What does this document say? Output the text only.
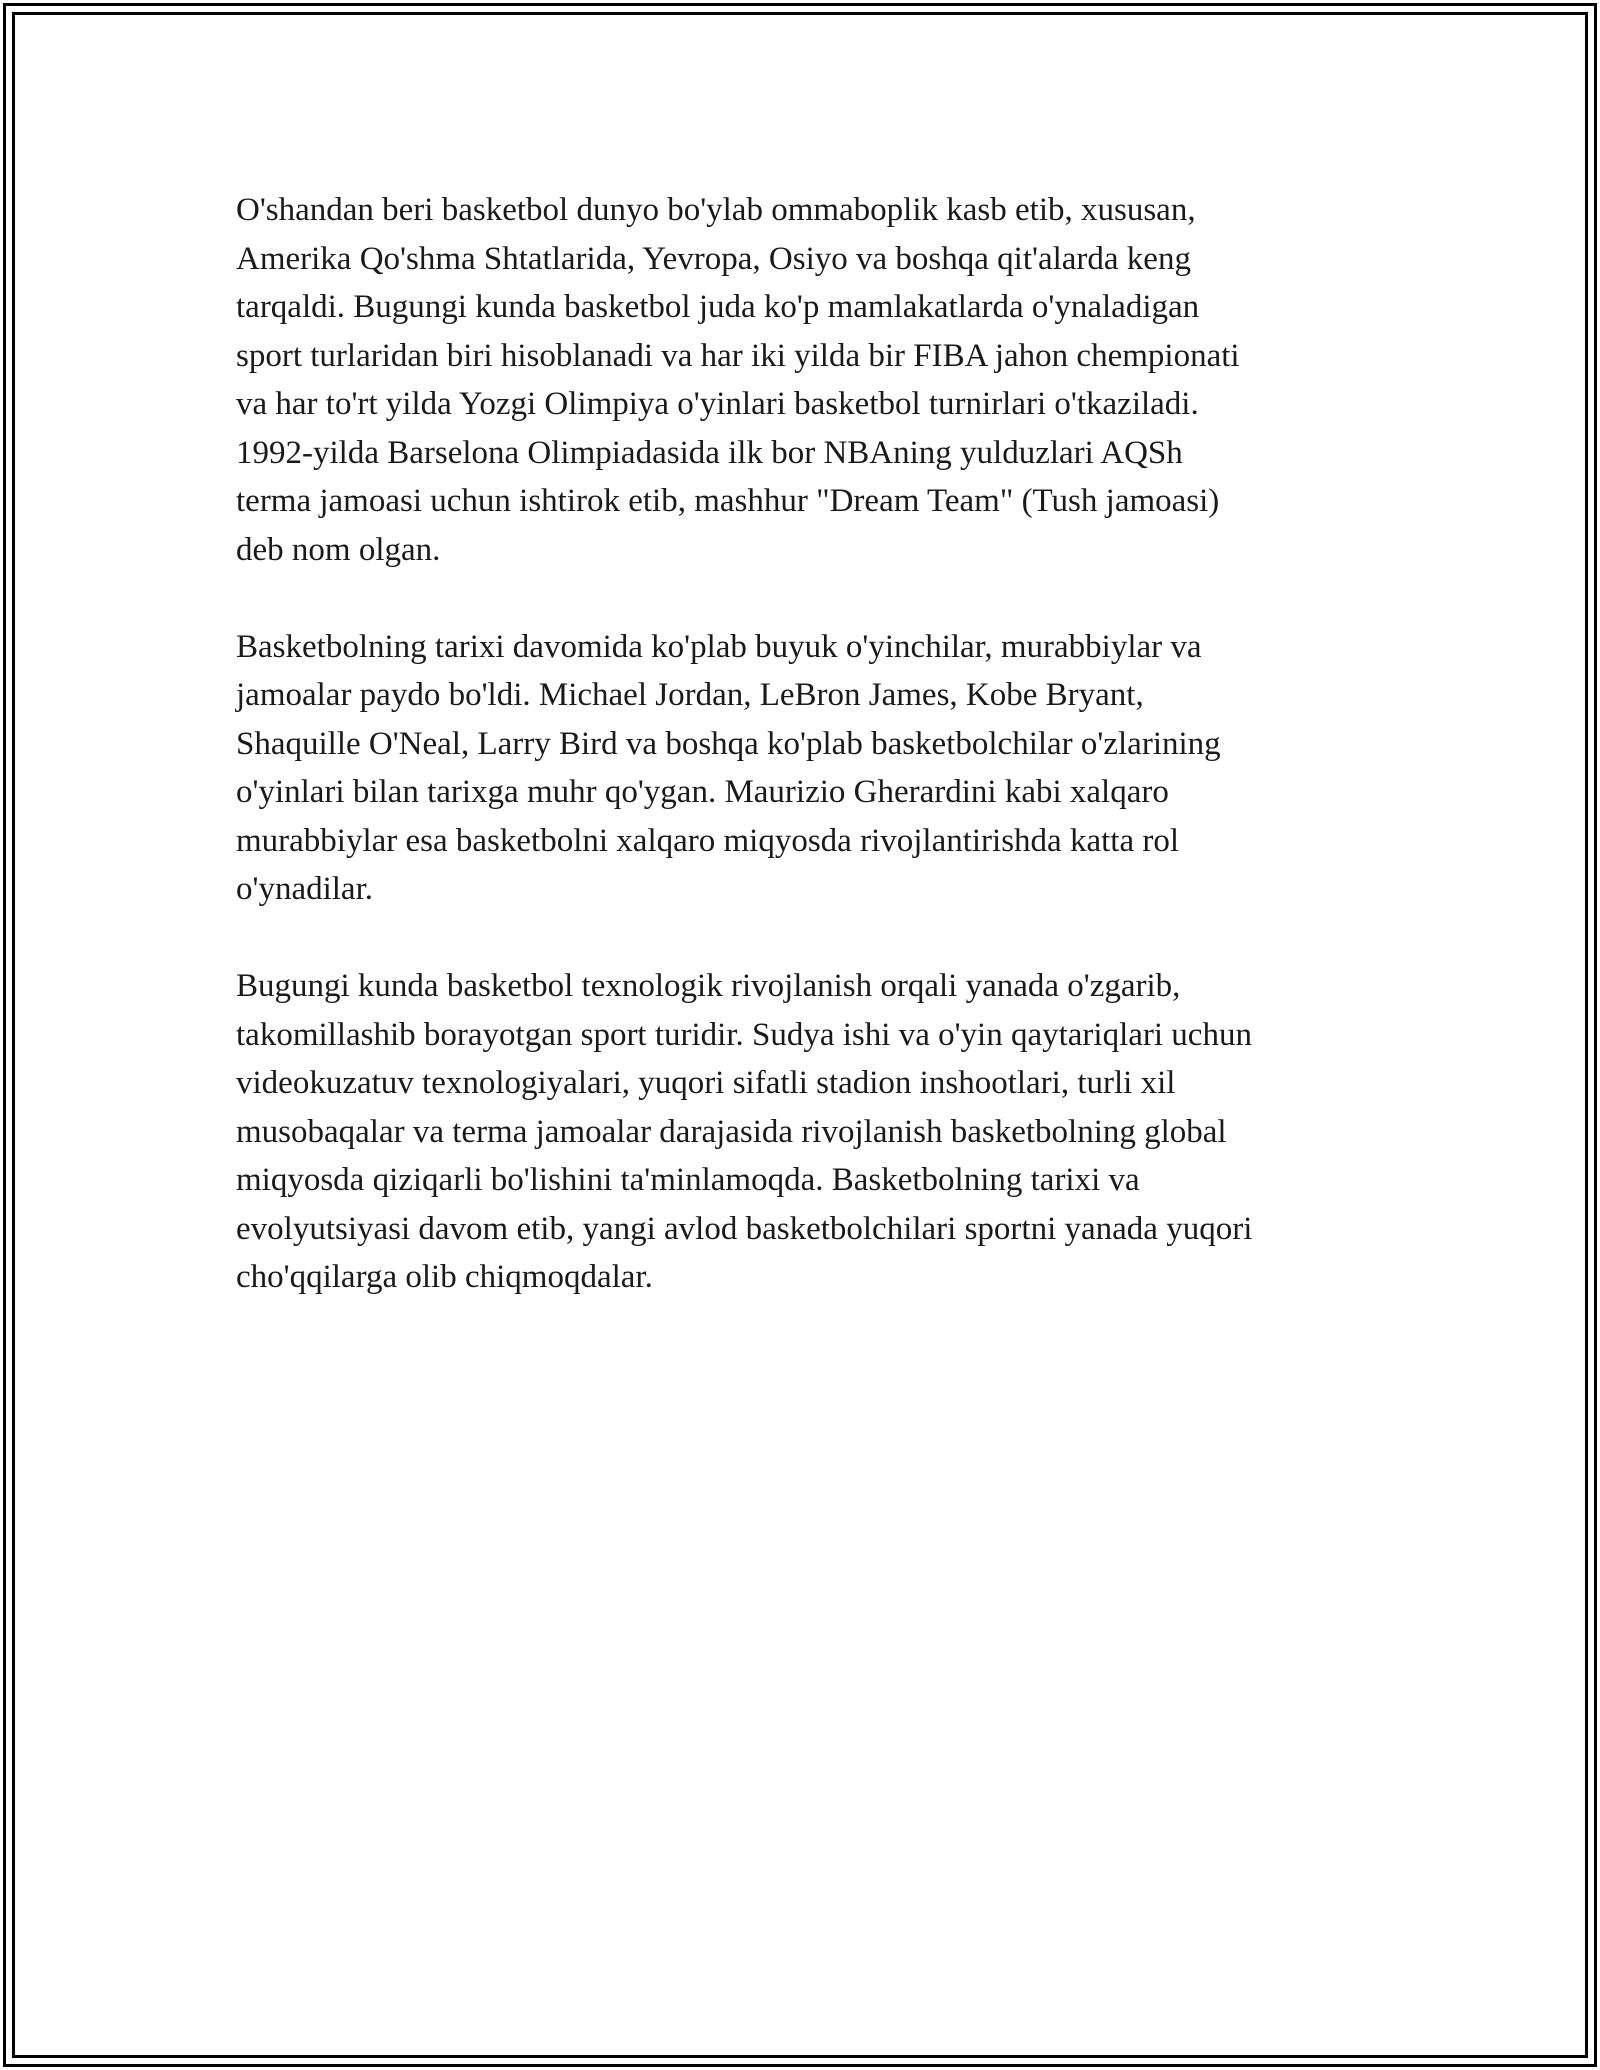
O'shandan beri basketbol dunyo bo'ylab ommaboplik kasb etib, xususan,
Amerika Qo'shma Shtatlarida, Yevropa, Osiyo va boshqa qit'alarda keng
tarqaldi. Bugungi kunda basketbol juda ko'p mamlakatlarda o'ynaladigan
sport turlaridan biri hisoblanadi va har iki yilda bir FIBA jahon chempionati
va har to'rt yilda Yozgi Olimpiya o'yinlari basketbol turnirlari o'tkaziladi.
1992-yilda Barselona Olimpiadasida ilk bor NBAning yulduzlari AQSh
terma jamoasi uchun ishtirok etib, mashhur "Dream Team" (Tush jamoasi)
deb nom olgan.

Basketbolning tarixi davomida ko'plab buyuk o'yinchilar, murabbiylar va
jamoalar paydo bo'ldi. Michael Jordan, LeBron James, Kobe Bryant,
Shaquille O'Neal, Larry Bird va boshqa ko'plab basketbolchilar o'zlarining
o'yinlari bilan tarixga muhr qo'ygan. Maurizio Gherardini kabi xalqaro
murabbiylar esa basketbolni xalqaro miqyosda rivojlantirishda katta rol
o'ynadilar.

Bugungi kunda basketbol texnologik rivojlanish orqali yanada o'zgarib,
takomillashib borayotgan sport turidir. Sudya ishi va o'yin qaytariqlari uchun
videokuzatuv texnologiyalari, yuqori sifatli stadion inshootlari, turli xil
musobaqalar va terma jamoalar darajasida rivojlanish basketbolning global
miqyosda qiziqarli bo'lishini ta'minlamoqda. Basketbolning tarixi va
evolyutsiyasi davom etib, yangi avlod basketbolchilari sportni yanada yuqori
cho'qqilarga olib chiqmoqdalar.
